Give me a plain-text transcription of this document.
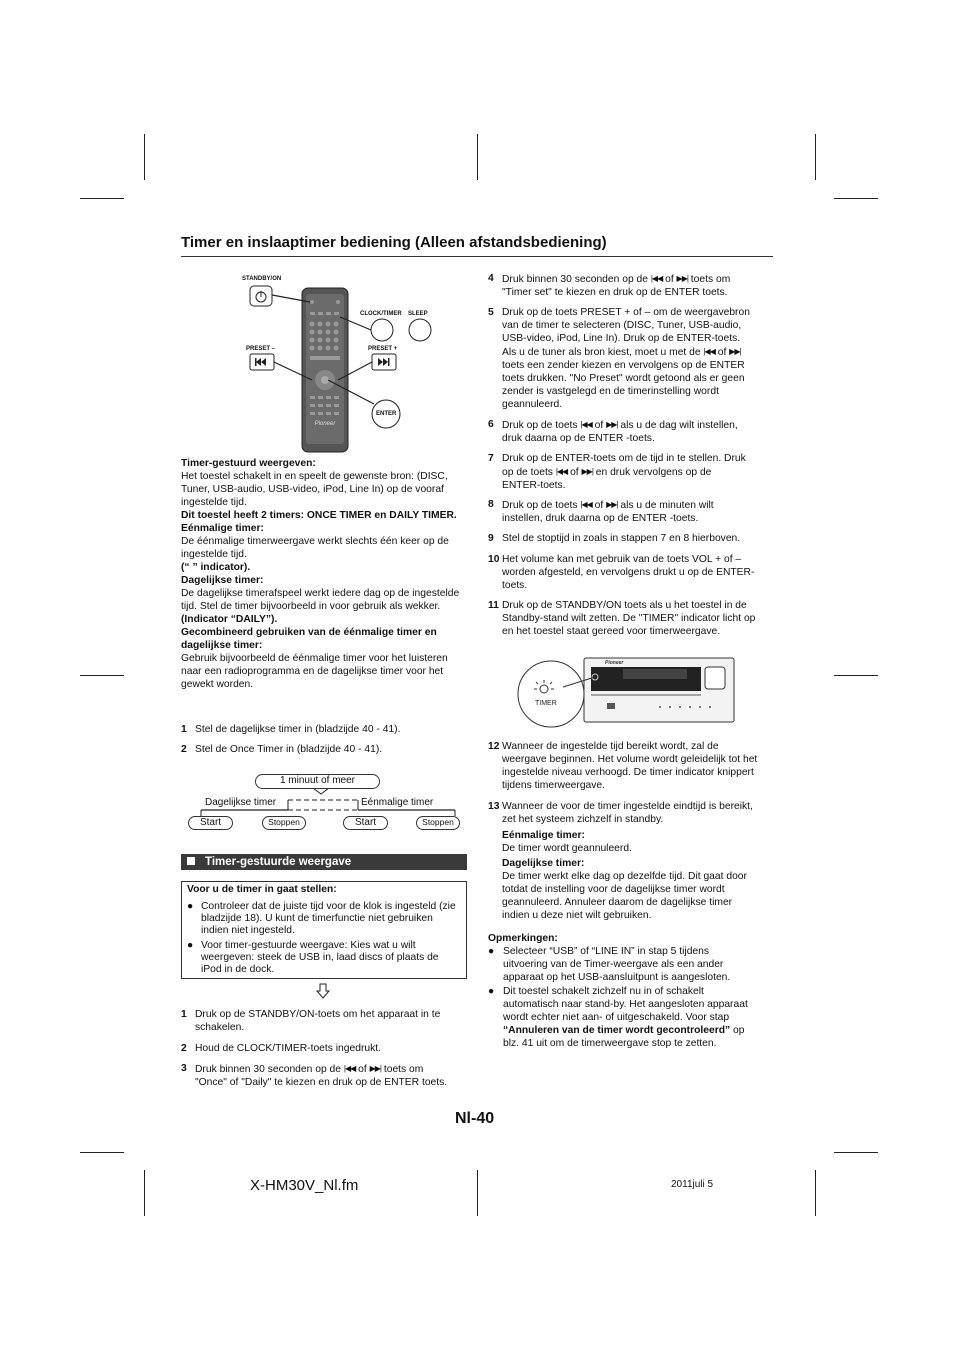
Timer en inslaaptimer bediening (Alleen afstandsbediening)
Pioneer
STANDBY/ON
CLOCK/TIMER SLEEP
PRESET –	PRESET +
ENTER
Timer-gestuurd weergeven:
Het toestel schakelt in en speelt de gewenste bron: (DISC, Tuner, USB-audio, USB-video, iPod, Line In) op de vooraf ingestelde tijd.
Dit toestel heeft 2 timers: ONCE TIMER en DAILY TIMER.
Eénmalige timer:
De éénmalige timerweergave werkt slechts één keer op de ingestelde tijd.
(“ ” indicator).
Dagelijkse timer:
De dagelijkse timerafspeel werkt iedere dag op de ingestelde tijd. Stel de timer bijvoorbeeld in voor gebruik als wekker.
(Indicator “DAILY”).
Gecombineerd gebruiken van de éénmalige timer en dagelijkse timer:
Gebruik bijvoorbeeld de éénmalige timer voor het luisteren naar een radioprogramma en de dagelijkse timer voor het gewekt worden.
1 Stel de dagelijkse timer in (bladzijde 40 - 41).
2 Stel de Once Timer in (bladzijde 40 - 41).
1 minuut of meer
Dagelijkse timer	Eénmalige timer
Start	Stoppen	Start	Stoppen
Timer-gestuurde weergave
Voor u de timer in gaat stellen:
● Controleer dat de juiste tijd voor de klok is ingesteld (zie bladzijde 18). U kunt de timerfunctie niet gebruiken indien niet ingesteld.
● Voor timer-gestuurde weergave: Kies wat u wilt weergeven: steek de USB in, laad discs of plaats de iPod in de dock.
1 Druk op de STANDBY/ON-toets om het apparaat in te schakelen.
2 Houd de CLOCK/TIMER-toets ingedrukt.
3 Druk binnen 30 seconden op de |◀◀ of ▶▶| toets om
"Once" of "Daily" te kiezen en druk op de ENTER toets.
4 Druk binnen 30 seconden op de |◀◀ of ▶▶| toets om
"Timer set" te kiezen en druk op de ENTER toets.
5 Druk op de toets PRESET + of – om de weergavebron
van de timer te selecteren (DISC, Tuner, USB-audio,
USB-video, iPod, Line In). Druk op de ENTER-toets.
Als u de tuner als bron kiest, moet u met de |◀◀ of ▶▶|
toets een zender kiezen en vervolgens op de ENTER
toets drukken. "No Preset" wordt getoond als er geen
zender is vastgelegd en de timerinstelling wordt
geannuleerd.
6 Druk op de toets |◀◀ of ▶▶| als u de dag wilt instellen,
druk daarna op de ENTER -toets.
7 Druk op de ENTER-toets om de tijd in te stellen. Druk
op de toets |◀◀ of ▶▶| en druk vervolgens op de
ENTER-toets.
8 Druk op de toets |◀◀ of ▶▶| als u de minuten wilt
instellen, druk daarna op de ENTER -toets.
9 Stel de stoptijd in zoals in stappen 7 en 8 hierboven.
10 Het volume kan met gebruik van de toets VOL + of –
worden afgesteld, en vervolgens drukt u op de ENTER-
toets.
11 Druk op de STANDBY/ON toets als u het toestel in de
Standby-stand wilt zetten. De "TIMER" indicator licht op
en het toestel staat gereed voor timerweergave.
12 Wanneer de ingestelde tijd bereikt wordt, zal de
weergave beginnen. Het volume wordt geleidelijk tot het
ingestelde niveau verhoogd. De timer indicator knippert
tijdens timerweergave.
13 Wanneer de voor de timer ingestelde eindtijd is bereikt,
zet het systeem zichzelf in standby.
Pioneer
TIMER
Eénmalige timer:
De timer wordt geannuleerd.
Dagelijkse timer:
De timer werkt elke dag op dezelfde tijd. Dit gaat door
totdat de instelling voor de dagelijkse timer wordt
geannuleerd. Annuleer daarom de dagelijkse timer
indien u deze niet wilt gebruiken.
Opmerkingen:
● Selecteer “USB” of “LINE IN” in stap 5 tijdens
uitvoering van de Timer-weergave als een ander
apparaat op het USB-aansluitpunt is aangesloten.
● Dit toestel schakelt zichzelf nu in of schakelt
automatisch naar stand-by. Het aangesloten apparaat
wordt echter niet aan- of uitgeschakeld. Voor stap
“Annuleren van de timer wordt gecontroleerd” op
blz. 41 uit om de timerweergave stop te zetten.
Nl-40
X-HM30V_Nl.fm	2011juli 5
